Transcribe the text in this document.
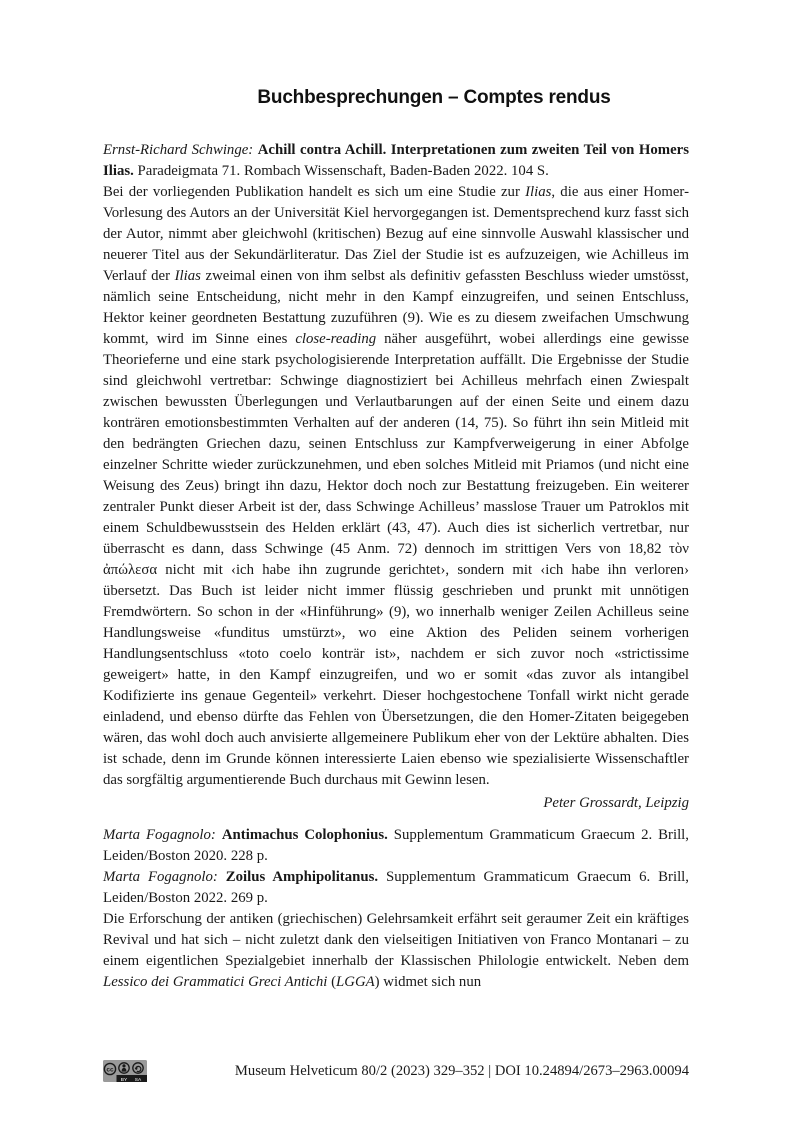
Buchbesprechungen – Comptes rendus

Ernst-Richard Schwinge: Achill contra Achill. Interpretationen zum zweiten Teil von Homers Ilias. Paradeigmata 71. Rombach Wissenschaft, Baden-Baden 2022. 104 S.

Bei der vorliegenden Publikation handelt es sich um eine Studie zur Ilias, die aus einer Homer-Vorlesung des Autors an der Universität Kiel hervorgegangen ist. Dementsprechend kurz fasst sich der Autor, nimmt aber gleichwohl (kritischen) Bezug auf eine sinnvolle Auswahl klassischer und neuerer Titel aus der Sekundärliteratur. Das Ziel der Studie ist es aufzuzeigen, wie Achilleus im Verlauf der Ilias zweimal einen von ihm selbst als definitiv gefassten Beschluss wieder umstösst, nämlich seine Entscheidung, nicht mehr in den Kampf einzugreifen, und seinen Entschluss, Hektor keiner geordneten Bestattung zuzuführen (9). Wie es zu diesem zweifachen Umschwung kommt, wird im Sinne eines close-reading näher ausgeführt, wobei allerdings eine gewisse Theorieferne und eine stark psychologisierende Interpretation auffällt. Die Ergebnisse der Studie sind gleichwohl vertretbar: Schwinge diagnostiziert bei Achilleus mehrfach einen Zwiespalt zwischen bewussten Überlegungen und Verlautbarungen auf der einen Seite und einem dazu konträren emotionsbestimmten Verhalten auf der anderen (14, 75). So führt ihn sein Mitleid mit den bedrängten Griechen dazu, seinen Entschluss zur Kampfverweigerung in einer Abfolge einzelner Schritte wieder zurückzunehmen, und eben solches Mitleid mit Priamos (und nicht eine Weisung des Zeus) bringt ihn dazu, Hektor doch noch zur Bestattung freizugeben. Ein weiterer zentraler Punkt dieser Arbeit ist der, dass Schwinge Achilleus’ masslose Trauer um Patroklos mit einem Schuldbewusstsein des Helden erklärt (43, 47). Auch dies ist sicherlich vertretbar, nur überrascht es dann, dass Schwinge (45 Anm. 72) dennoch im strittigen Vers von 18,82 τὸν ἀπώλεσα nicht mit ‹ich habe ihn zugrunde gerichtet›, sondern mit ‹ich habe ihn verloren› übersetzt. Das Buch ist leider nicht immer flüssig geschrieben und prunkt mit unnötigen Fremdwörtern. So schon in der «Hinführung» (9), wo innerhalb weniger Zeilen Achilleus seine Handlungsweise «funditus umstürzt», wo eine Aktion des Peliden seinem vorherigen Handlungsentschluss «toto coelo konträr ist», nachdem er sich zuvor noch «strictissime geweigert» hatte, in den Kampf einzugreifen, und wo er somit «das zuvor als intangibel Kodifizierte ins genaue Gegenteil» verkehrt. Dieser hochgestochene Tonfall wirkt nicht gerade einladend, und ebenso dürfte das Fehlen von Übersetzungen, die den Homer-Zitaten beigegeben wären, das wohl doch auch anvisierte allgemeinere Publikum eher von der Lektüre abhalten. Dies ist schade, denn im Grunde können interessierte Laien ebenso wie spezialisierte Wissenschaftler das sorgfältig argumentierende Buch durchaus mit Gewinn lesen.

Peter Grossardt, Leipzig

Marta Fogagnolo: Antimachus Colophonius. Supplementum Grammaticum Graecum 2. Brill, Leiden/Boston 2020. 228 p.

Marta Fogagnolo: Zoilus Amphipolitanus. Supplementum Grammaticum Graecum 6. Brill, Leiden/Boston 2022. 269 p.

Die Erforschung der antiken (griechischen) Gelehrsamkeit erfährt seit geraumer Zeit ein kräftiges Revival und hat sich – nicht zuletzt dank den vielseitigen Initiativen von Franco Montanari – zu einem eigentlichen Spezialgebiet innerhalb der Klassischen Philologie entwickelt. Neben dem Lessico dei Grammatici Greci Antichi (LGGA) widmet sich nun

cc
BY SA
Museum Helveticum 80/2 (2023) 329–352 | DOI 10.24894/2673–2963.00094
